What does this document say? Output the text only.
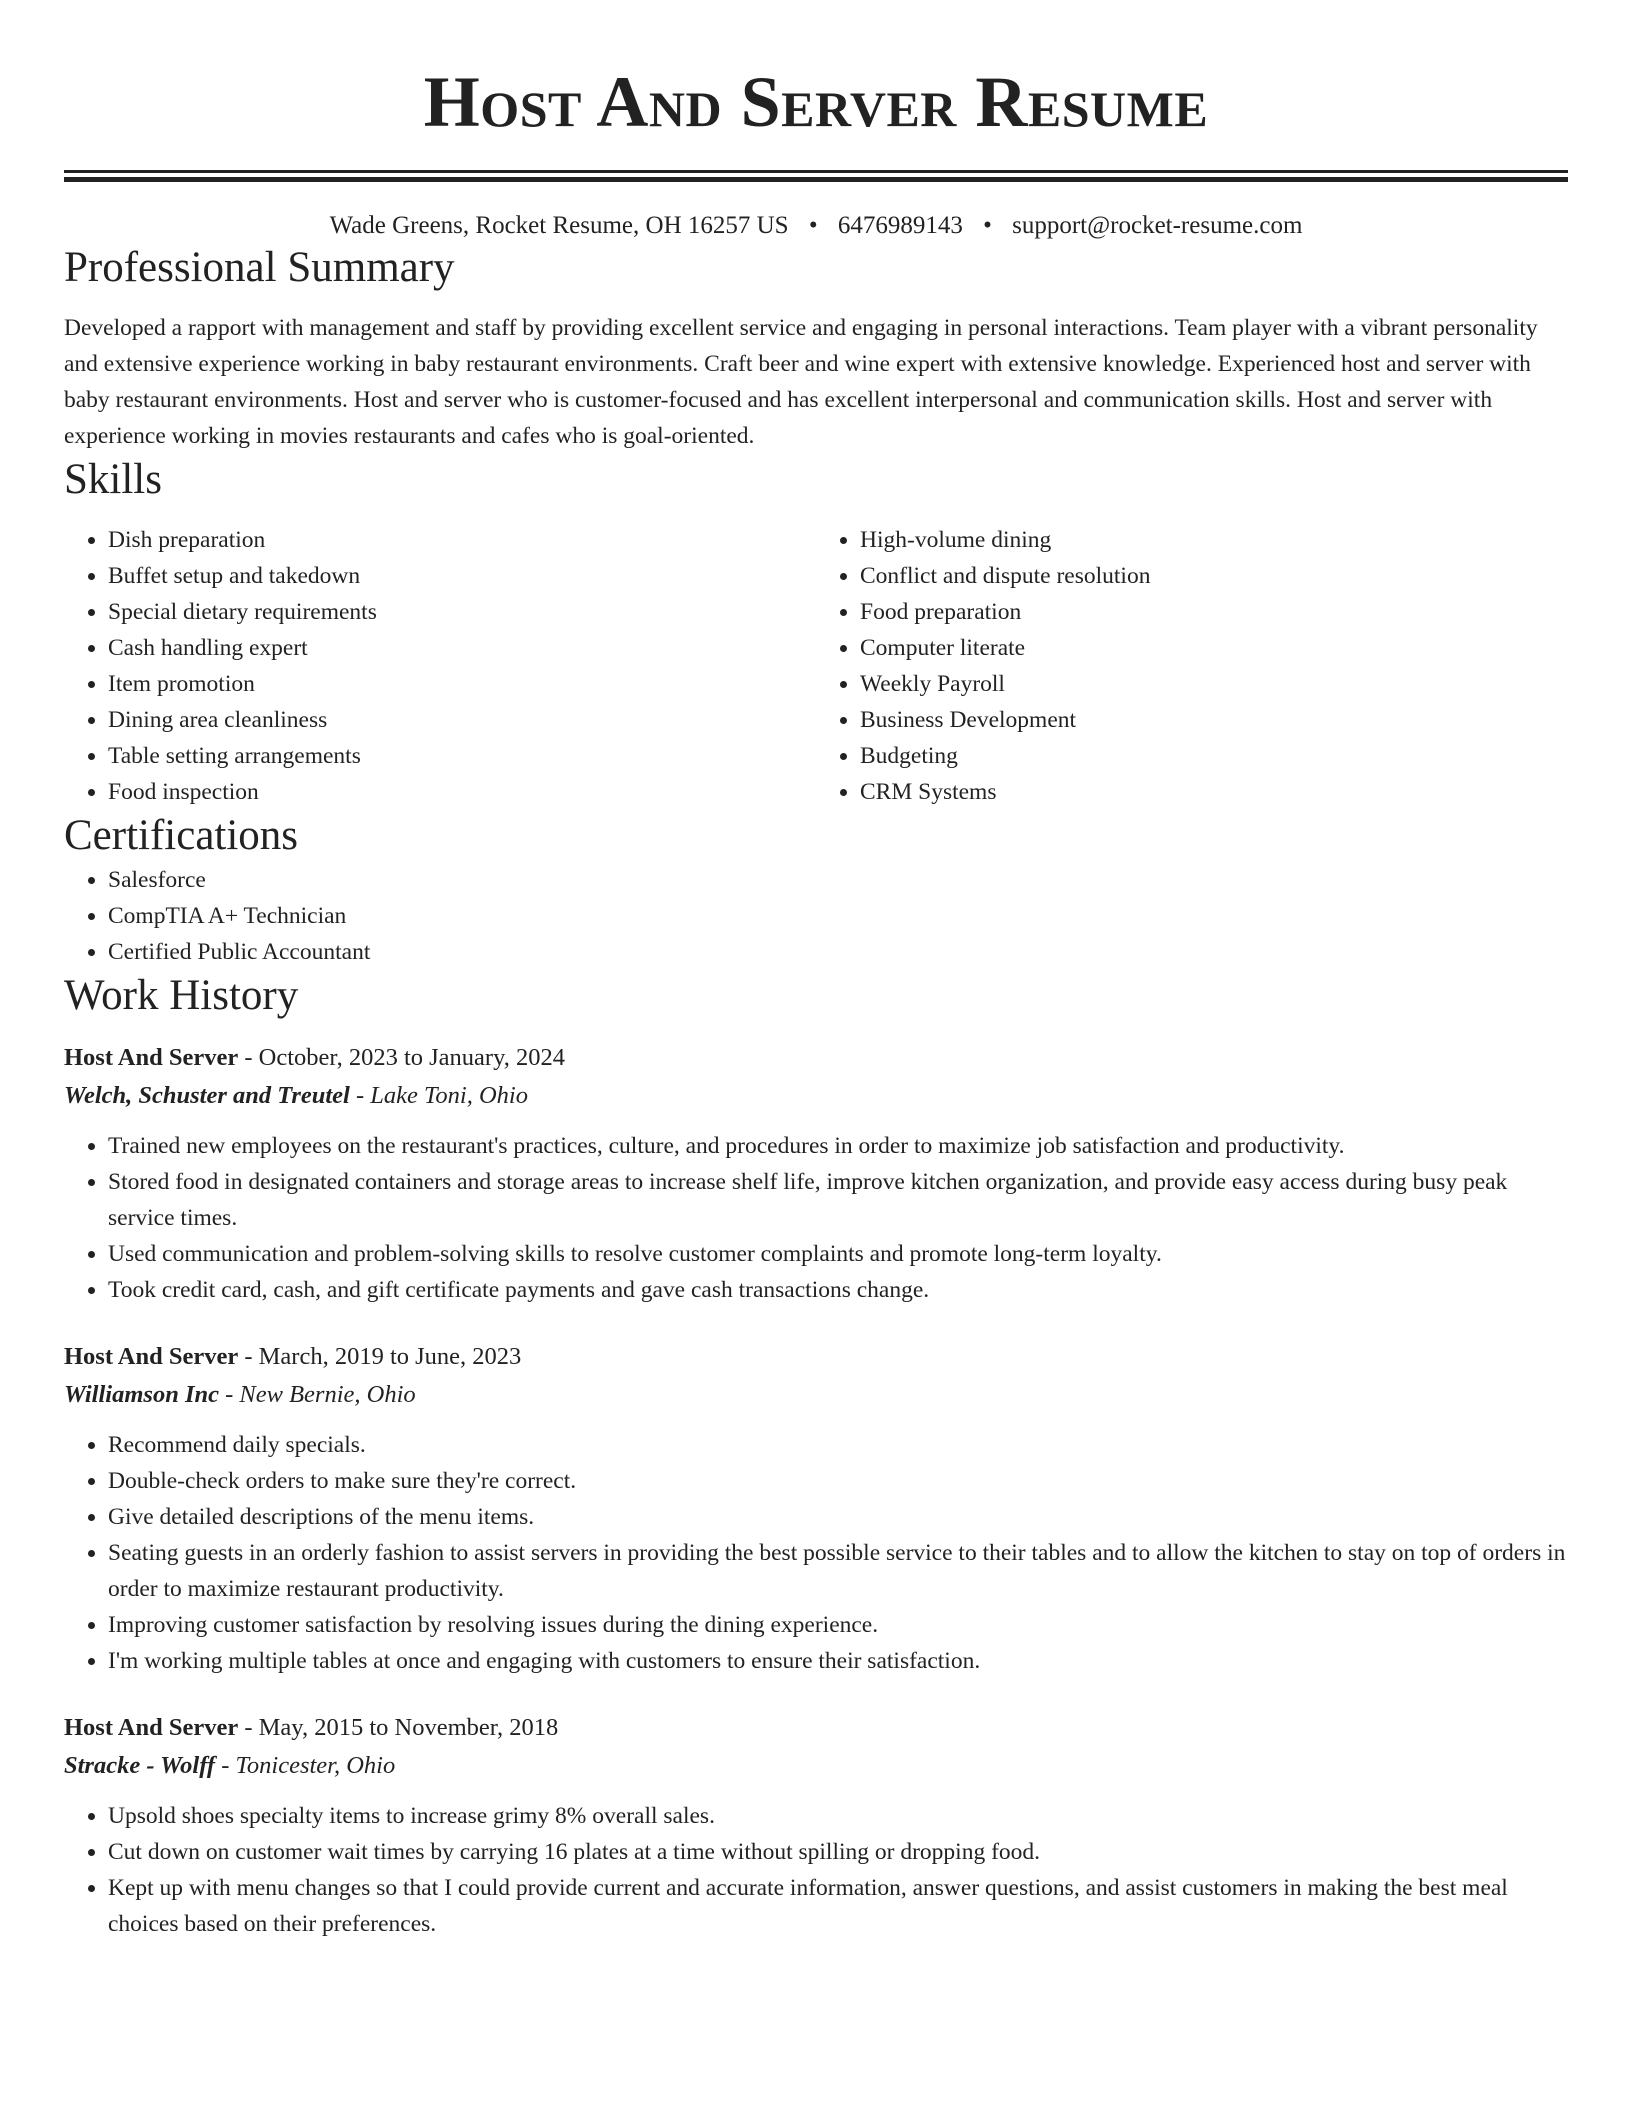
Host And Server Resume
Wade Greens, Rocket Resume, OH 16257 US • 6476989143 • support@rocket-resume.com
Professional Summary

Developed a rapport with management and staff by providing excellent service and engaging in personal interactions. Team player with a vibrant personality and extensive experience working in baby restaurant environments. Craft beer and wine expert with extensive knowledge. Experienced host and server with baby restaurant environments. Host and server who is customer-focused and has excellent interpersonal and communication skills. Host and server with experience working in movies restaurants and cafes who is goal-oriented.

Skills
• Dish preparation
• Buffet setup and takedown
• Special dietary requirements
• Cash handling expert
• Item promotion
• Dining area cleanliness
• Table setting arrangements
• Food inspection
• High-volume dining
• Conflict and dispute resolution
• Food preparation
• Computer literate
• Weekly Payroll
• Business Development
• Budgeting
• CRM Systems
Certifications
• Salesforce
• CompTIA A+ Technician
• Certified Public Accountant
Work History
Host And Server - October, 2023 to January, 2024
Welch, Schuster and Treutel - Lake Toni, Ohio
• Trained new employees on the restaurant's practices, culture, and procedures in order to maximize job satisfaction and productivity.
• Stored food in designated containers and storage areas to increase shelf life, improve kitchen organization, and provide easy access during busy peak service times.
• Used communication and problem-solving skills to resolve customer complaints and promote long-term loyalty.
• Took credit card, cash, and gift certificate payments and gave cash transactions change.
Host And Server - March, 2019 to June, 2023
Williamson Inc - New Bernie, Ohio
• Recommend daily specials.
• Double-check orders to make sure they're correct.
• Give detailed descriptions of the menu items.
• Seating guests in an orderly fashion to assist servers in providing the best possible service to their tables and to allow the kitchen to stay on top of orders in order to maximize restaurant productivity.
• Improving customer satisfaction by resolving issues during the dining experience.
• I'm working multiple tables at once and engaging with customers to ensure their satisfaction.
Host And Server - May, 2015 to November, 2018
Stracke - Wolff - Tonicester, Ohio
• Upsold shoes specialty items to increase grimy 8% overall sales.
• Cut down on customer wait times by carrying 16 plates at a time without spilling or dropping food.
• Kept up with menu changes so that I could provide current and accurate information, answer questions, and assist customers in making the best meal choices based on their preferences.
